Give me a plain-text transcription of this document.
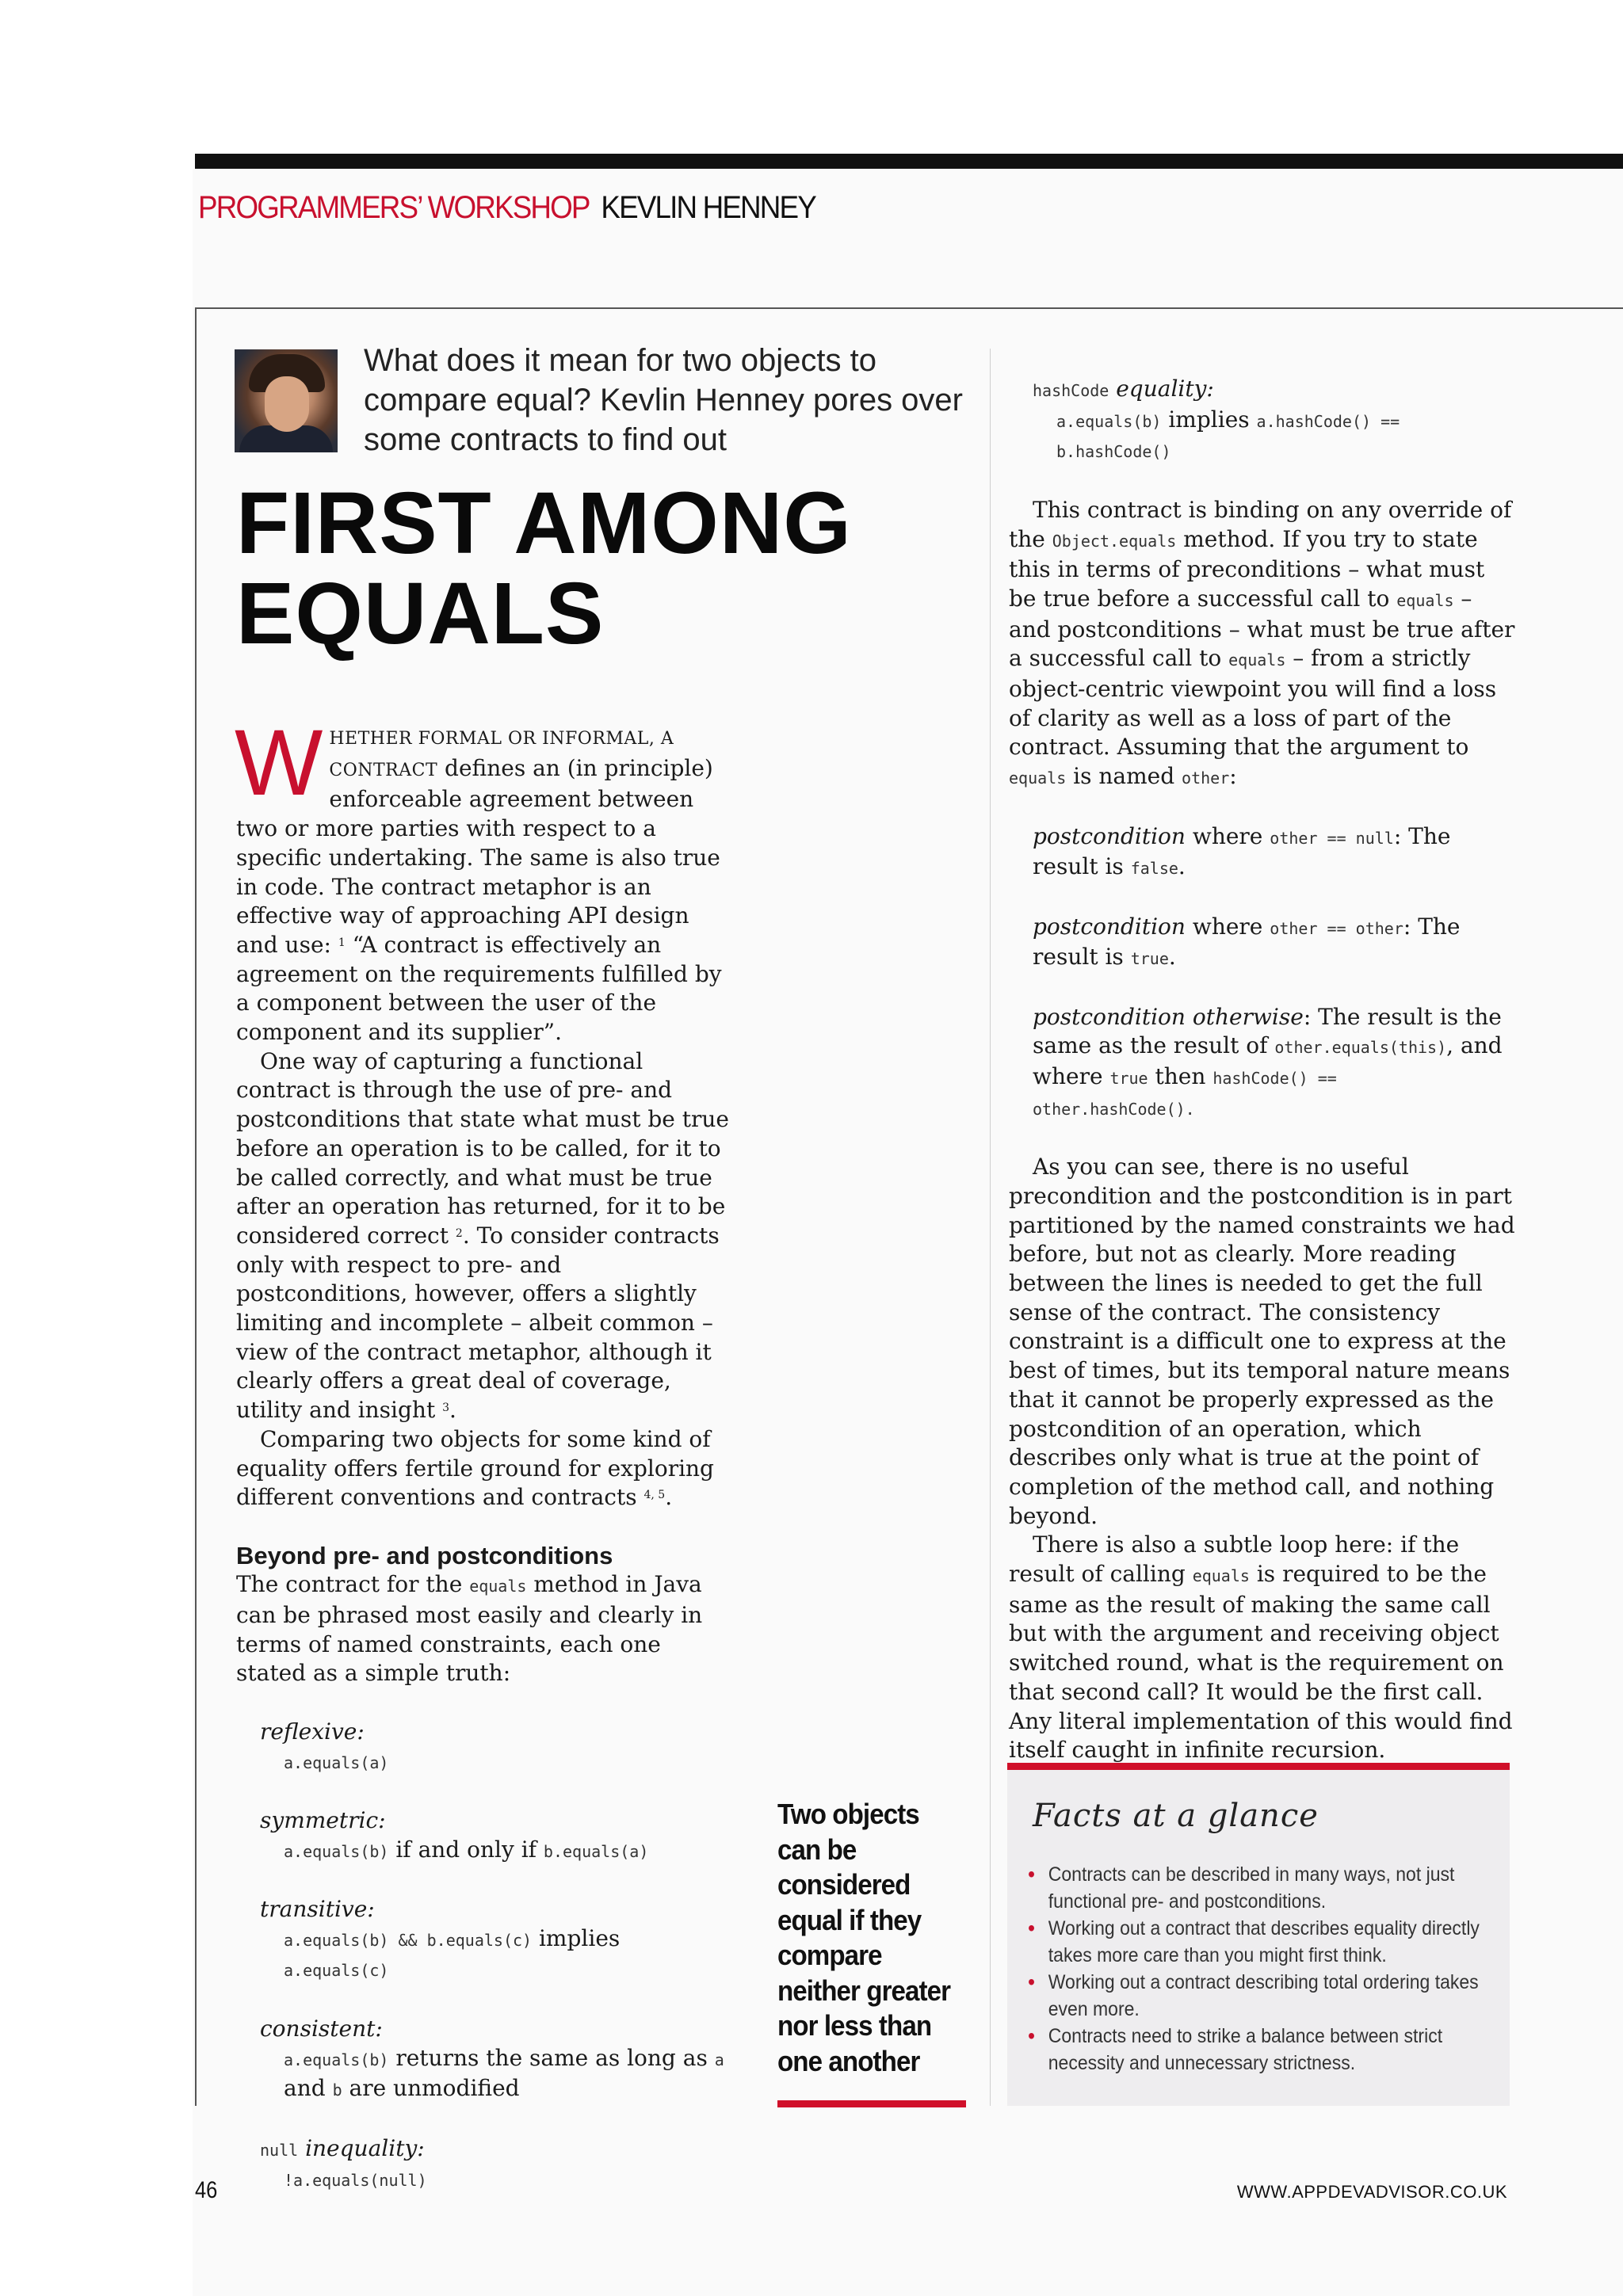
PROGRAMMERS’ WORKSHOP KEVLIN HENNEY
What does it mean for two objects to compare equal? Kevlin Henney pores over some contracts to find out
FIRST AMONG
EQUALS

WHETHER FORMAL OR INFORMAL, A CONTRACT defines an (in principle) enforceable agreement between two or more parties with respect to a specific undertaking. The same is also true in code. The contract metaphor is an effective way of approaching API design and use: $^1$ “A contract is effectively an agreement on the requirements fulfilled by a component between the user of the component and its supplier”.

One way of capturing a functional contract is through the use of pre- and postconditions that state what must be true before an operation is to be called, for it to be called correctly, and what must be true after an operation has returned, for it to be considered correct $^2$. To consider contracts only with respect to pre- and postconditions, however, offers a slightly limiting and incomplete – albeit common – view of the contract metaphor, although it clearly offers a great deal of coverage, utility and insight $^3$.

Comparing two objects for some kind of equality offers fertile ground for exploring different conventions and contracts $^{4, 5}$.

Beyond pre- and postconditions

The contract for the equals method in Java can be phrased most easily and clearly in terms of named constraints, each one stated as a simple truth:

reflexive:

a.equals(a)

symmetric:

a.equals(b) if and only if b.equals(a)

transitive:

a.equals(b) && b.equals(c) implies
a.equals(c)

consistent:

a.equals(b) returns the same as long as a
and b are unmodified

null inequality:

!a.equals(null)

Two objects can be considered equal if they compare neither greater nor less than one another

hashCode equality:

a.equals(b) implies a.hashCode() ==
b.hashCode()

This contract is binding on any override of the Object.equals method. If you try to state this in terms of preconditions – what must be true before a successful call to equals – and postconditions – what must be true after a successful call to equals – from a strictly object-centric viewpoint you will find a loss of clarity as well as a loss of part of the contract. Assuming that the argument to equals is named other:

postcondition where other == null: The result is false.

postcondition where other == other: The result is true.

postcondition otherwise: The result is the same as the result of other.equals(this), and where true then hashCode() ==
other.hashCode().

As you can see, there is no useful precondition and the postcondition is in part partitioned by the named constraints we had before, but not as clearly. More reading between the lines is needed to get the full sense of the contract. The consistency constraint is a difficult one to express at the best of times, but its temporal nature means that it cannot be properly expressed as the postcondition of an operation, which describes only what is true at the point of completion of the method call, and nothing beyond.

There is also a subtle loop here: if the result of calling equals is required to be the same as the result of making the same call but with the argument and receiving object switched round, what is the requirement on that second call? It would be the first call. Any literal implementation of this would find itself caught in infinite recursion.

Facts at a glance
• Contracts can be described in many ways, not just functional pre- and postconditions.
• Working out a contract that describes equality directly takes more care than you might first think.
• Working out a contract describing total ordering takes even more.
• Contracts need to strike a balance between strict necessity and unnecessary strictness.
46	WWW.APPDEVADVISOR.CO.UK
